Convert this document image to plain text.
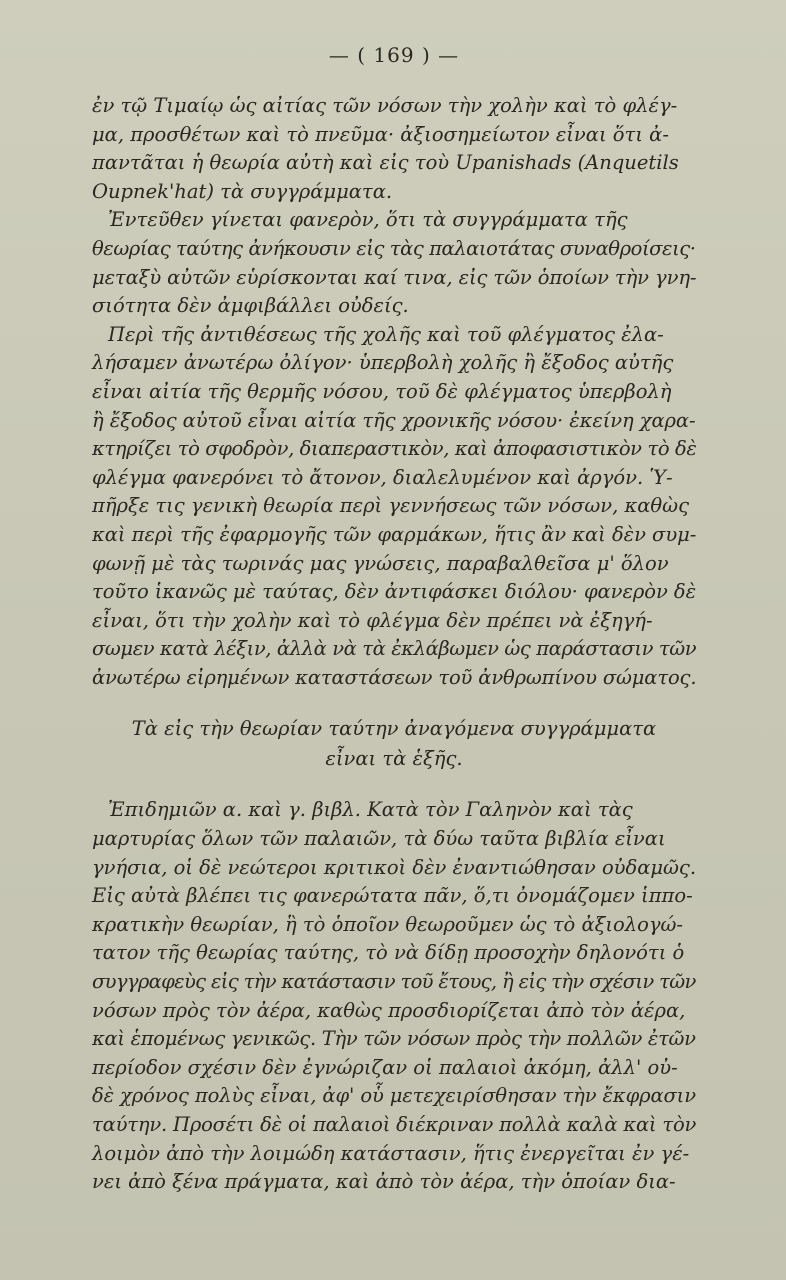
— ( 169 ) —
ἐν τῷ Τιμαίῳ ὡς αἰτίας τῶν νόσων τὴν χολὴν καὶ τὸ φλέγ-
μα, προσθέτων καὶ τὸ πνεῦμα· ἀξιοσημείωτον εἶναι ὅτι ἀ-
παντᾶται ἡ θεωρία αὐτὴ καὶ εἰς τοὺ Upanishads (Anquetils
Oupnek'hat) τὰ συγγράμματα.
Ἐντεῦθεν γίνεται φανερὸν, ὅτι τὰ συγγράμματα τῆς
θεωρίας ταύτης ἀνήκουσιν εἰς τὰς παλαιοτάτας συναθροίσεις·
μεταξὺ αὐτῶν εὑρίσκονται καί τινα, εἰς τῶν ὁποίων τὴν γνη-
σιότητα δὲν ἀμφιβάλλει οὐδείς.
Περὶ τῆς ἀντιθέσεως τῆς χολῆς καὶ τοῦ φλέγματος ἐλα-
λήσαμεν ἀνωτέρω ὀλίγον· ὑπερβολὴ χολῆς ἢ ἔξοδος αὐτῆς
εἶναι αἰτία τῆς θερμῆς νόσου, τοῦ δὲ φλέγματος ὑπερβολὴ
ἢ ἔξοδος αὐτοῦ εἶναι αἰτία τῆς χρονικῆς νόσου· ἐκείνη χαρα-
κτηρίζει τὸ σφοδρὸν, διαπεραστικὸν, καὶ ἀποφασιστικὸν τὸ δὲ
φλέγμα φανερόνει τὸ ἄτονον, διαλελυμένον καὶ ἀργόν. Ὑ-
πῆρξε τις γενικὴ θεωρία περὶ γεννήσεως τῶν νόσων, καθὼς
καὶ περὶ τῆς ἐφαρμογῆς τῶν φαρμάκων, ἥτις ἂν καὶ δὲν συμ-
φωνῇ μὲ τὰς τωρινάς μας γνώσεις, παραβαλθεῖσα μ' ὅλον
τοῦτο ἱκανῶς μὲ ταύτας, δὲν ἀντιφάσκει διόλου· φανερὸν δὲ
εἶναι, ὅτι τὴν χολὴν καὶ τὸ φλέγμα δὲν πρέπει νὰ ἐξηγή-
σωμεν κατὰ λέξιν, ἀλλὰ νὰ τὰ ἐκλάβωμεν ὡς παράστασιν τῶν
ἀνωτέρω εἰρημένων καταστάσεων τοῦ ἀνθρωπίνου σώματος.
Τὰ εἰς τὴν θεωρίαν ταύτην ἀναγόμενα συγγράμματα
εἶναι τὰ ἑξῆς.
Ἐπιδημιῶν α. καὶ γ. βιβλ. Κατὰ τὸν Γαληνὸν καὶ τὰς
μαρτυρίας ὅλων τῶν παλαιῶν, τὰ δύω ταῦτα βιβλία εἶναι
γνήσια, οἱ δὲ νεώτεροι κριτικοὶ δὲν ἐναντιώθησαν οὐδαμῶς.
Εἰς αὐτὰ βλέπει τις φανερώτατα πᾶν, ὅ,τι ὀνομάζομεν ἱππο-
κρατικὴν θεωρίαν, ἣ τὸ ὁποῖον θεωροῦμεν ὡς τὸ ἀξιολογώ-
τατον τῆς θεωρίας ταύτης, τὸ νὰ δίδῃ προσοχὴν δηλονότι ὁ
συγγραφεὺς εἰς τὴν κατάστασιν τοῦ ἔτους, ἢ εἰς τὴν σχέσιν τῶν
νόσων πρὸς τὸν ἀέρα, καθὼς προσδιορίζεται ἀπὸ τὸν ἀέρα,
καὶ ἑπομένως γενικῶς. Τὴν τῶν νόσων πρὸς τὴν πολλῶν ἐτῶν
περίοδον σχέσιν δὲν ἐγνώριζαν οἱ παλαιοὶ ἀκόμη, ἀλλ' οὐ-
δὲ χρόνος πολὺς εἶναι, ἀφ' οὗ μετεχειρίσθησαν τὴν ἔκφρασιν
ταύτην. Προσέτι δὲ οἱ παλαιοὶ διέκριναν πολλὰ καλὰ καὶ τὸν
λοιμὸν ἀπὸ τὴν λοιμώδη κατάστασιν, ἥτις ἐνεργεῖται ἐν γέ-
νει ἀπὸ ξένα πράγματα, καὶ ἀπὸ τὸν ἀέρα, τὴν ὁποίαν δια-
